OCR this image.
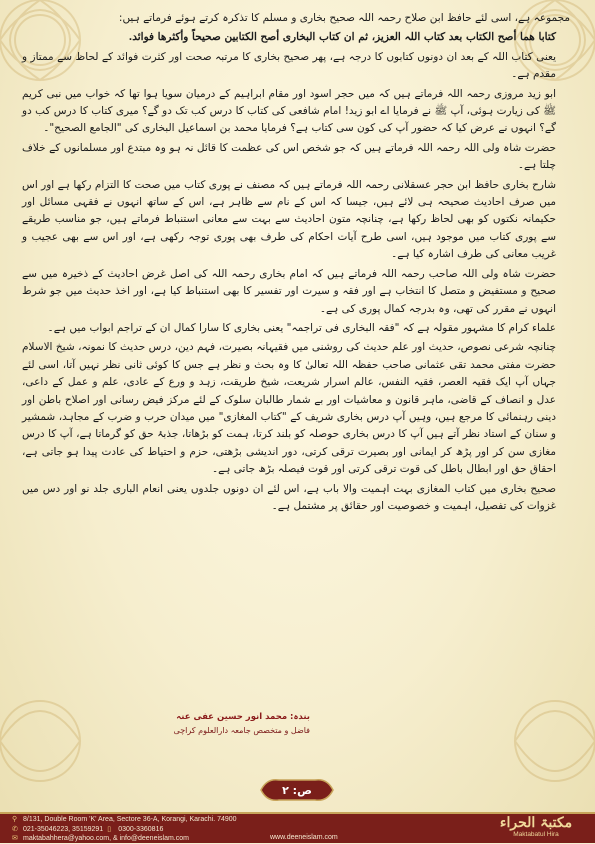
مجموعہ ہے، اسی لئے حافظ ابن صلاح رحمہ اللہ صحیح بخاری و مسلم کا تذکرہ کرتے ہوئے فرماتے ہیں:

کتابا ھما أصح الکتاب بعد کتاب اللہ العزیز، ثم ان کتاب البخاری أصح الکتابین صحیحاً وأکثرھا فوائد.

یعنی کتاب اللہ کے بعد ان دونوں کتابوں کا درجہ ہے، پھر صحیح بخاری کا مرتبہ صحت اور کثرت فوائد کے لحاظ سے ممتاز و مقدم ہے۔

ابو زید مروزی رحمہ اللہ فرماتے ہیں کہ میں حجر اسود اور مقام ابراہیم کے درمیان سویا ہوا تھا کہ خواب میں نبی کریم ﷺ کی زیارت ہوئی، آپ ﷺ نے فرمایا اے ابو زید! امام شافعی کی کتاب کا درس کب تک دو گے؟ میری کتاب کا درس کب دو گے؟ انہوں نے عرض کیا کہ حضور آپ کی کون سی کتاب ہے؟ فرمایا محمد بن اسماعیل البخاری کی "الجامع الصحیح"۔

حضرت شاہ ولی اللہ رحمہ اللہ فرماتے ہیں کہ جو شخص اس کی عظمت کا قائل نہ ہو وہ مبتدع اور مسلمانوں کے خلاف چلتا ہے۔

شارح بخاری حافظ ابن حجر عسقلانی رحمہ اللہ فرماتے ہیں کہ مصنف نے پوری کتاب میں صحت کا التزام رکھا ہے اور اس میں صرف احادیث صحیحہ ہی لائے ہیں، جیسا کہ اس کے نام سے ظاہر ہے، اس کے ساتھ انہوں نے فقہی مسائل اور حکیمانہ نکتوں کو بھی لحاظ رکھا ہے، چنانچہ متون احادیث سے بہت سے معانی استنباط فرماتے ہیں، جو مناسب طریقے سے پوری کتاب میں موجود ہیں، اسی طرح آیات احکام کی طرف بھی پوری توجہ رکھی ہے، اور اس سے بھی عجیب و غریب معانی کی طرف اشارہ کیا ہے۔

حضرت شاہ ولی اللہ صاحب رحمہ اللہ فرماتے ہیں کہ امام بخاری رحمہ اللہ کی اصل غرض احادیث کے ذخیرہ میں سے صحیح و مستفیض و متصل کا انتخاب ہے اور فقہ و سیرت اور تفسیر کا بھی استنباط کیا ہے، اور اخذ حدیث میں جو شرط انہوں نے مقرر کی تھی، وہ بدرجہ کمال پوری کی ہے۔

علماء کرام کا مشہور مقولہ ہے کہ "فقہ البخاری فی تراجمہ" یعنی بخاری کا سارا کمال ان کے تراجم ابواب میں ہے۔

چنانچہ شرعی نصوص، حدیث اور علم حدیث کی روشنی میں فقیہانہ بصیرت، فہم دین، درس حدیث کا نمونہ، شیخ الاسلام حضرت مفتی محمد تقی عثمانی صاحب حفظہ اللہ تعالیٰ کا وہ بحث و نظر ہے جس کا کوئی ثانی نظر نہیں آتا، اسی لئے جہاں آپ ایک فقیہ العصر، فقیہ النفس، عالم اسرار شریعت، شیخ طریقت، زہد و ورع کے عادی، علم و عمل کے داعی، عدل و انصاف کے قاضی، ماہر قانون و معاشیات اور بے شمار طالبان سلوک کے لئے مرکز فیض رسانی اور اصلاح باطن اور دینی رہنمائی کا مرجع ہیں، وہیں آپ درس بخاری شریف کے "کتاب المغازی" میں میدان حرب و ضرب کے مجاہد، شمشیر و سنان کے استاد نظر آتے ہیں آپ کا درس بخاری حوصلہ کو بلند کرتا، ہمت کو بڑھاتا، جذبۂ حق کو گرماتا ہے، آپ کا درس مغازی سن کر اور پڑھ کر ایمانی اور بصیرت ترقی کرتی، دور اندیشی بڑھتی، حزم و احتیاط کی عادت پیدا ہو جاتی ہے، احقاق حق اور ابطال باطل کی قوت ترقی کرتی اور قوت فیصلہ بڑھ جاتی ہے۔

صحیح بخاری میں کتاب المغازی بہت اہمیت والا باب ہے، اس لئے ان دونوں جلدوں یعنی انعام الباری جلد نو اور دس میں غزوات کی تفصیل، اہمیت و خصوصیت اور حقائق پر مشتمل ہے۔

بندہ: محمد انور حسین عفی عنہ
فاضل و متخصص جامعہ دارالعلوم کراچی
ص: ۲
⚲ 8/131, Double Room 'K' Area, Sectore 36-A, Korangi, Karachi. 74900
✆ 021-35046223, 35159291 ▯	0300-3360816
✉ maktabahhera@yahoo.com, & info@deeneislam.com	www.deeneislam.com
مکتبۃ الحراء
Maktabatul Hira
